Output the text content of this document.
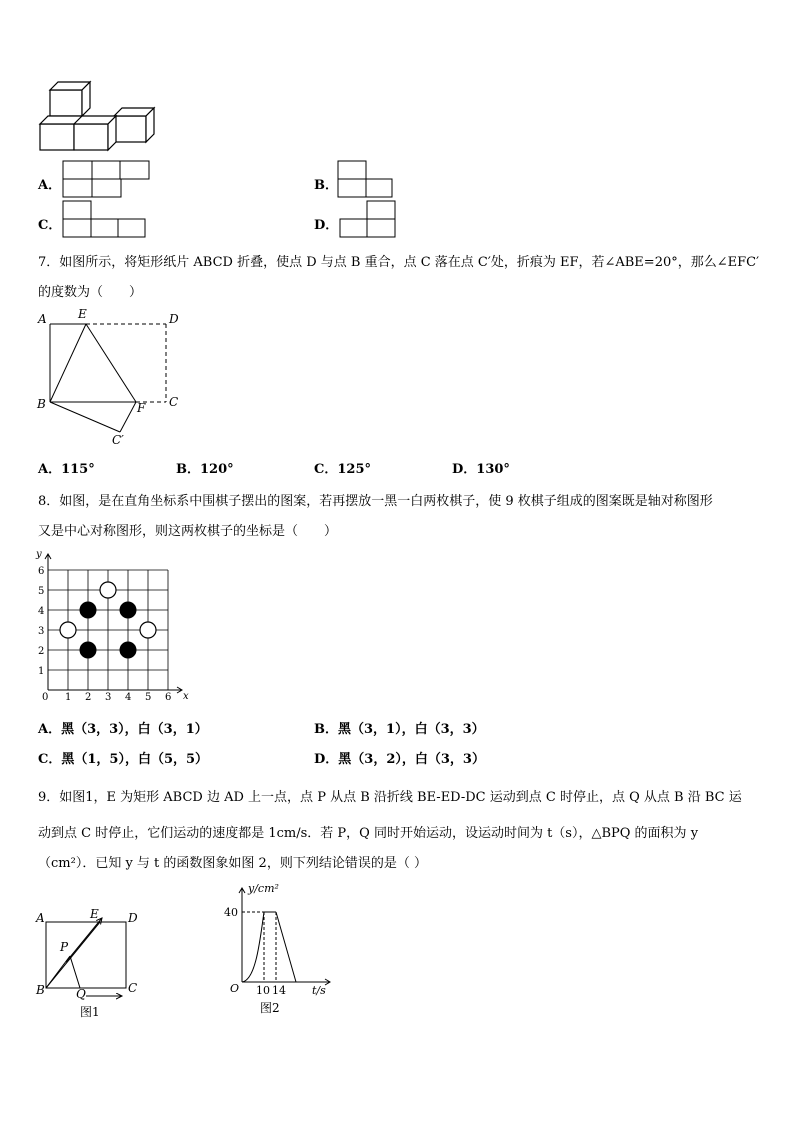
A．	B．
C．	D．
7．如图所示，将矩形纸片 ABCD 折叠，使点 D 与点 B 重合，点 C 落在点 C′处，折痕为 EF，若∠ABE=20°，那么∠EFC′
的度数为（　　）
A	E	D
B	F C
C′
A．115°	B．120°	C．125°	D．130°
8．如图，是在直角坐标系中围棋子摆出的图案，若再摆放一黑一白两枚棋子，使 9 枚棋子组成的图案既是轴对称图形
又是中心对称图形，则这两枚棋子的坐标是（　　）
x
y
0 1 2 3 4 5 6
1
2
3
4
5
6
A．黑（3，3），白（3，1）	B．黑（3，1），白（3，3）
C．黑（1，5），白（5，5）	D．黑（3，2），白（3，3）
9．如图1，E 为矩形 ABCD 边 AD 上一点，点 P 从点 B 沿折线 BE-ED-DC 运动到点 C 时停止，点 Q 从点 B 沿 BC 运
动到点 C 时停止，它们运动的速度都是 1cm/s．若 P，Q 同时开始运动，设运动时间为 t（s），△BPQ 的面积为 y
（cm²）．已知 y 与 t 的函数图象如图 2，则下列结论错误的是（ ）
A	E D
P
B	Q	C
图1
y/cm²
t/s
O
40
10 14
图2
